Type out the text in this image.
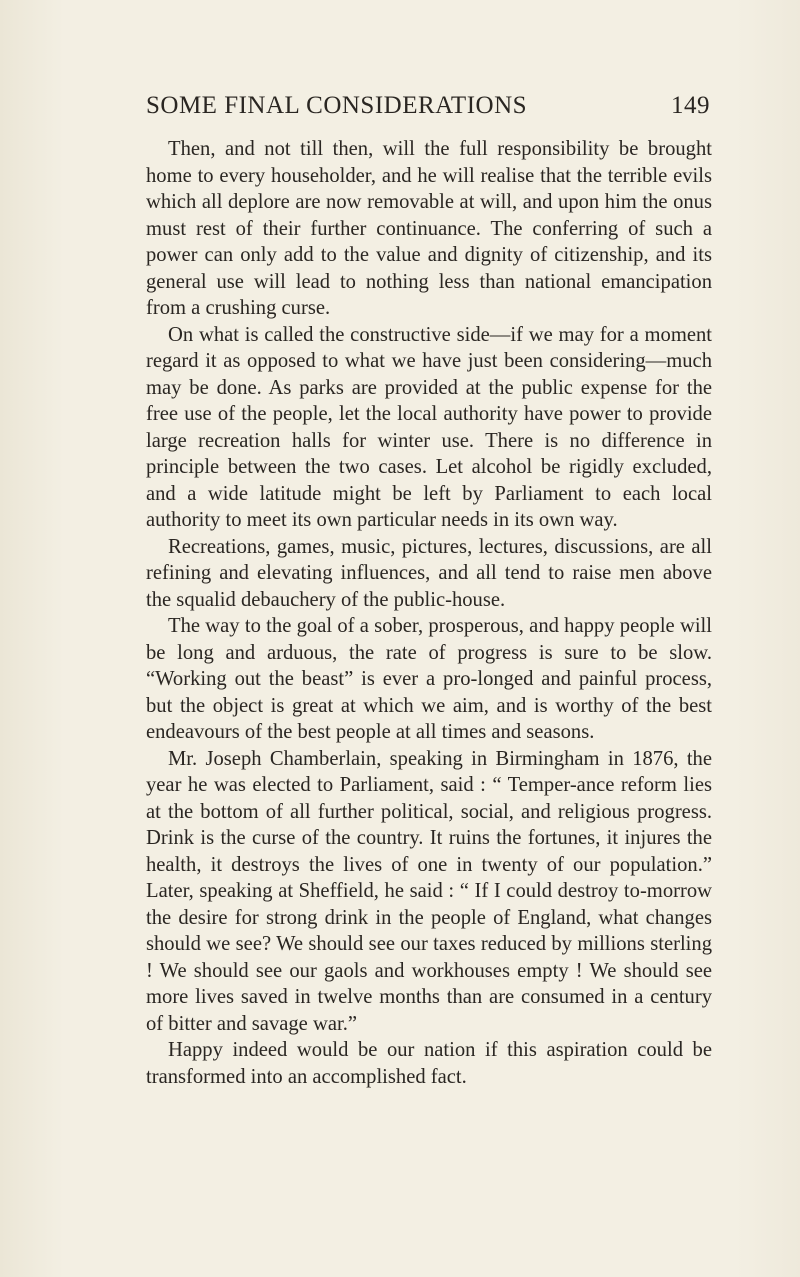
SOME FINAL CONSIDERATIONS	149

Then, and not till then, will the full responsibility be brought home to every householder, and he will realise that the terrible evils which all deplore are now removable at will, and upon him the onus must rest of their further continuance. The conferring of such a power can only add to the value and dignity of citizenship, and its general use will lead to nothing less than national emancipation from a crushing curse.

On what is called the constructive side—if we may for a moment regard it as opposed to what we have just been considering—much may be done. As parks are provided at the public expense for the free use of the people, let the local authority have power to provide large recreation halls for winter use. There is no difference in principle between the two cases. Let alcohol be rigidly excluded, and a wide latitude might be left by Parliament to each local authority to meet its own particular needs in its own way.

Recreations, games, music, pictures, lectures, discussions, are all refining and elevating influences, and all tend to raise men above the squalid debauchery of the public-house.

The way to the goal of a sober, prosperous, and happy people will be long and arduous, the rate of progress is sure to be slow. “Working out the beast” is ever a pro-longed and painful process, but the object is great at which we aim, and is worthy of the best endeavours of the best people at all times and seasons.

Mr. Joseph Chamberlain, speaking in Birmingham in 1876, the year he was elected to Parliament, said : “ Temper-ance reform lies at the bottom of all further political, social, and religious progress. Drink is the curse of the country. It ruins the fortunes, it injures the health, it destroys the lives of one in twenty of our population.” Later, speaking at Sheffield, he said : “ If I could destroy to-morrow the desire for strong drink in the people of England, what changes should we see? We should see our taxes reduced by millions sterling ! We should see our gaols and workhouses empty ! We should see more lives saved in twelve months than are consumed in a century of bitter and savage war.”

Happy indeed would be our nation if this aspiration could be transformed into an accomplished fact.
